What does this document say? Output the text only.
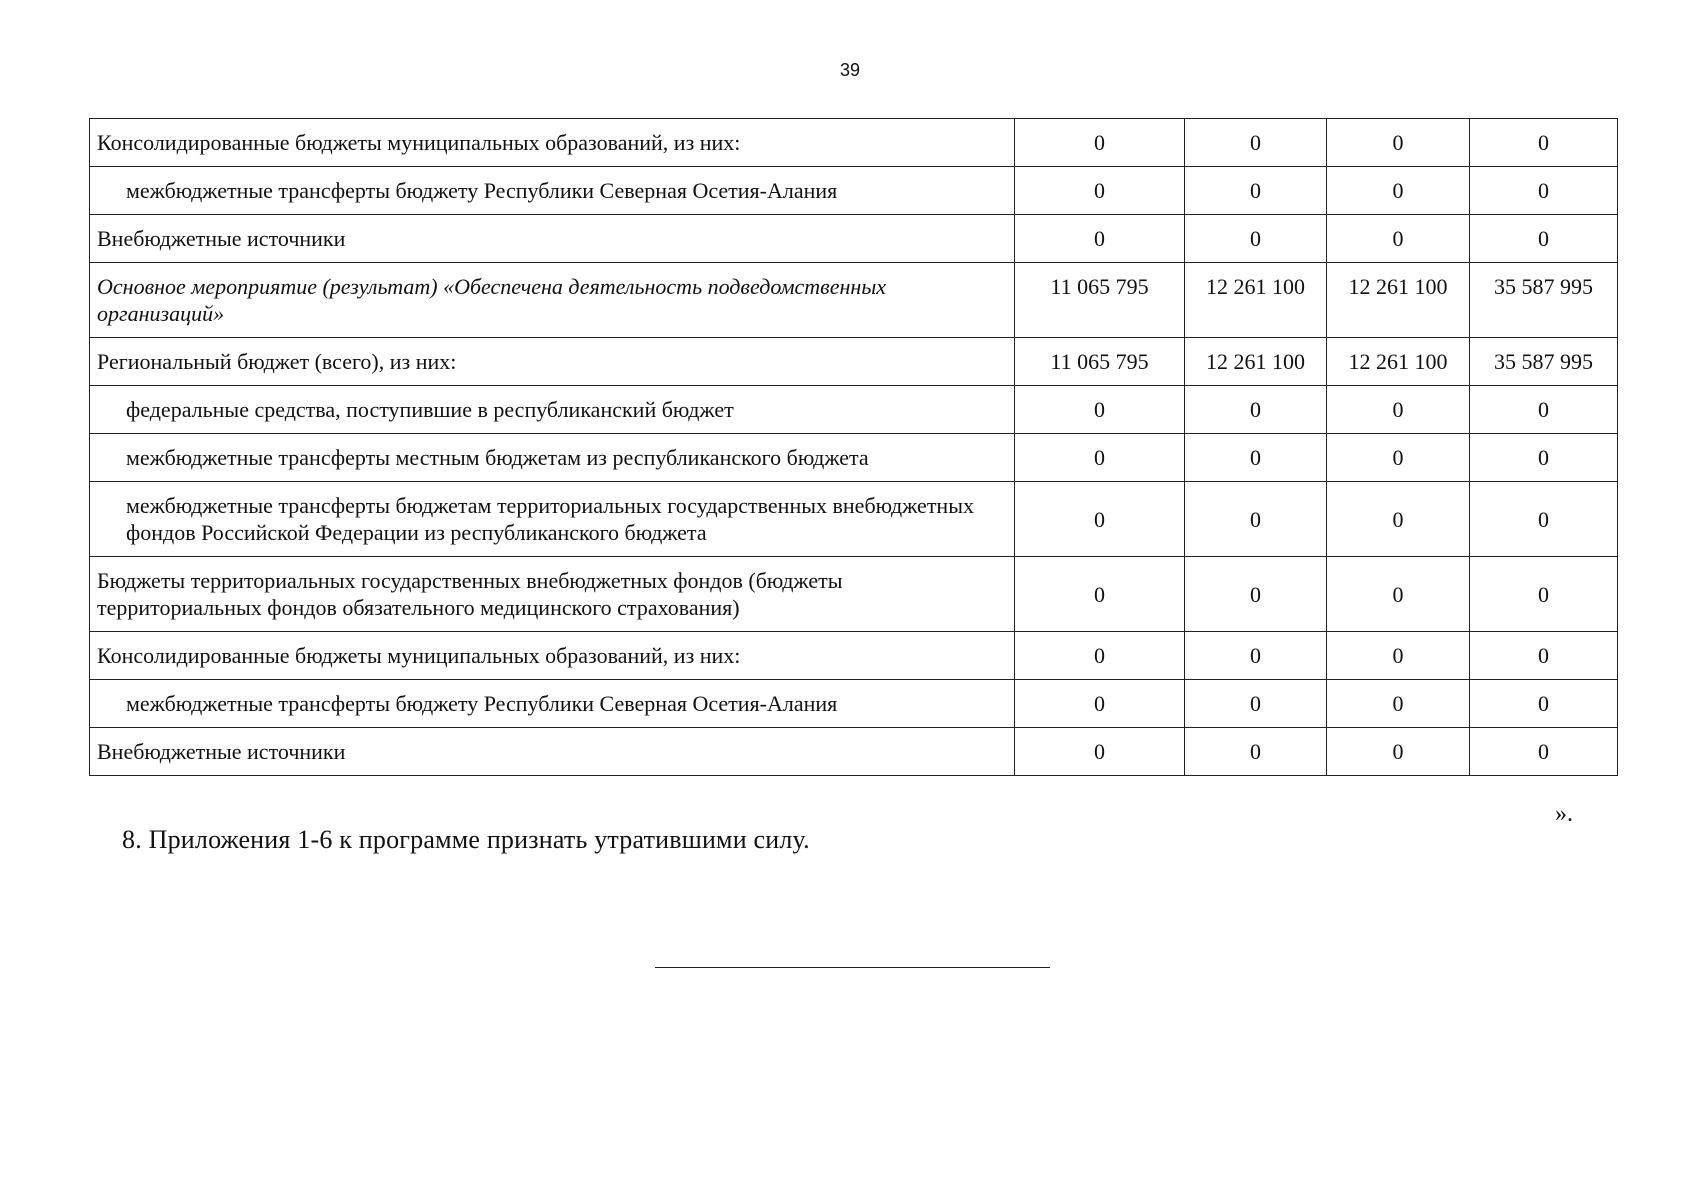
39
Консолидированные бюджеты муниципальных образований, из них:	0	0	0	0
межбюджетные трансферты бюджету Республики Северная Осетия-Алания	0	0	0	0
Внебюджетные источники	0	0	0	0
Основное мероприятие (результат) «Обеспечена деятельность подведомственных организаций»	11 065 795	12 261 100	12 261 100	35 587 995
Региональный бюджет (всего), из них:	11 065 795	12 261 100	12 261 100	35 587 995
федеральные средства, поступившие в республиканский бюджет	0	0	0	0
межбюджетные трансферты местным бюджетам из республиканского бюджета	0	0	0	0
межбюджетные трансферты бюджетам территориальных государственных внебюджетных фондов Российской Федерации из республиканского бюджета	0	0	0	0
Бюджеты территориальных государственных внебюджетных фондов (бюджеты территориальных фондов обязательного медицинского страхования)	0	0	0	0
Консолидированные бюджеты муниципальных образований, из них:	0	0	0	0
межбюджетные трансферты бюджету Республики Северная Осетия-Алания	0	0	0	0
Внебюджетные источники	0	0	0	0
».
8. Приложения 1-6 к программе признать утратившими силу.
